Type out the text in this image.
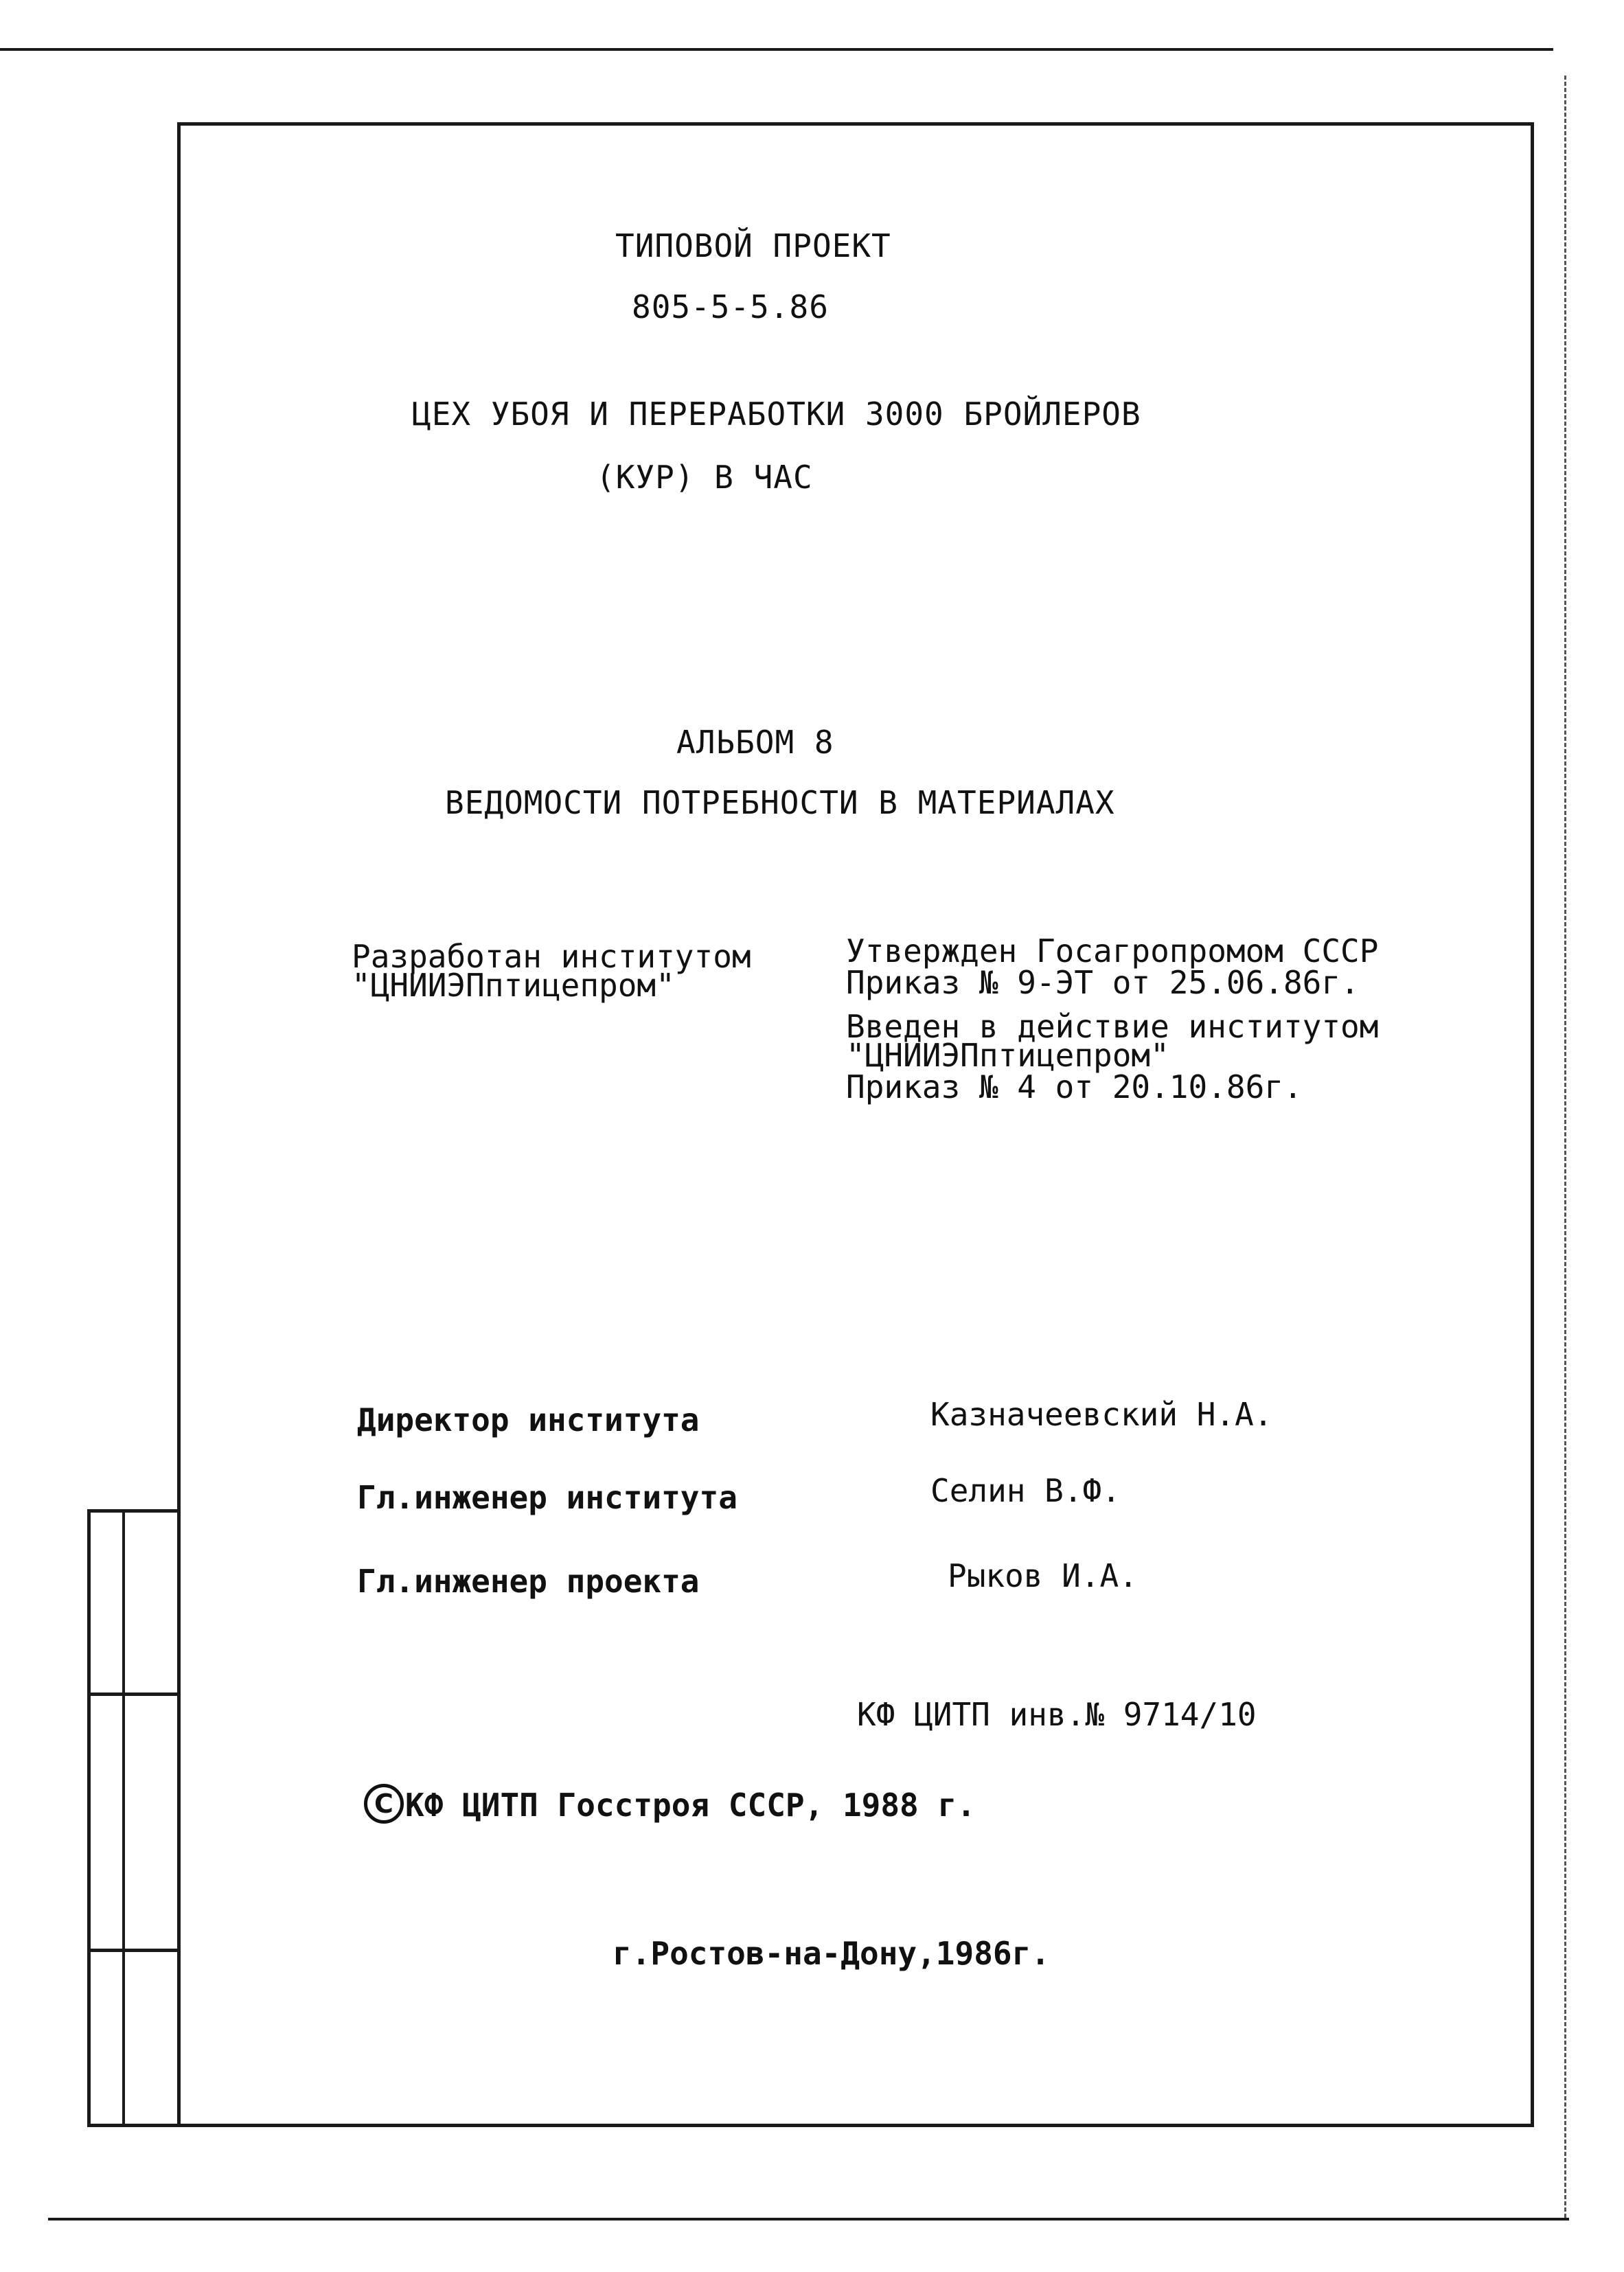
ТИПОВОЙ ПРОЕКТ
805-5-5.86
ЦЕХ УБОЯ И ПЕРЕРАБОТКИ 3000 БРОЙЛЕРОВ
(КУР) В ЧАС
АЛЬБОМ 8
ВЕДОМОСТИ ПОТРЕБНОСТИ В МАТЕРИАЛАХ
Разработан институтом
"ЦНИИЭПптицепром"
Утвержден Госагропромом СССР
Приказ № 9-ЭТ от 25.06.86г.
Введен в действие институтом
"ЦНИИЭПптицепром"
Приказ № 4 от 20.10.86г.
Директор института	Казначеевский Н.А.
Гл.инженер института	Селин В.Ф.
Гл.инженер проекта	Рыков И.А.
КФ ЦИТП инв.№ 9714/10
С КФ ЦИТП Госстроя СССР, 1988 г.
г.Ростов-на-Дону,1986г.
